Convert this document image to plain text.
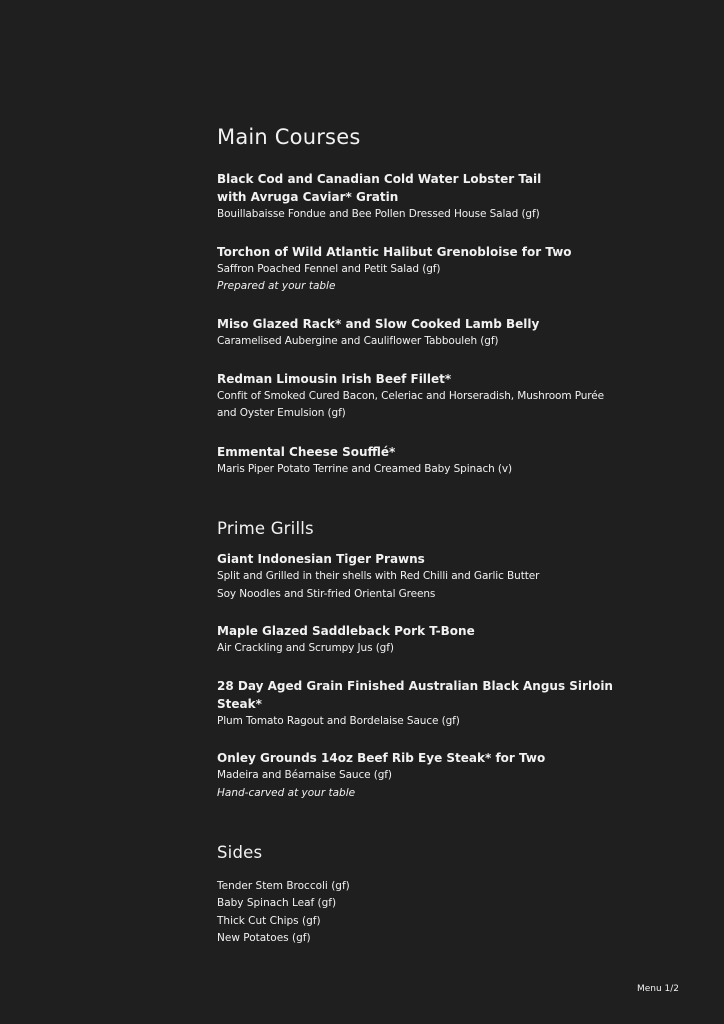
Main Courses
Black Cod and Canadian Cold Water Lobster Tail
with Avruga Caviar* Gratin
Bouillabaisse Fondue and Bee Pollen Dressed House Salad (gf)
Torchon of Wild Atlantic Halibut Grenobloise for Two
Saffron Poached Fennel and Petit Salad (gf)
Prepared at your table
Miso Glazed Rack* and Slow Cooked Lamb Belly
Caramelised Aubergine and Cauliflower Tabbouleh (gf)
Redman Limousin Irish Beef Fillet*
Confit of Smoked Cured Bacon, Celeriac and Horseradish, Mushroom Purée
and Oyster Emulsion (gf)
Emmental Cheese Soufflé*
Maris Piper Potato Terrine and Creamed Baby Spinach (v)
Prime Grills
Giant Indonesian Tiger Prawns
Split and Grilled in their shells with Red Chilli and Garlic Butter
Soy Noodles and Stir-fried Oriental Greens
Maple Glazed Saddleback Pork T-Bone
Air Crackling and Scrumpy Jus (gf)
28 Day Aged Grain Finished Australian Black Angus Sirloin Steak*
Plum Tomato Ragout and Bordelaise Sauce (gf)
Onley Grounds 14oz Beef Rib Eye Steak* for Two
Madeira and Béarnaise Sauce (gf)
Hand-carved at your table
Sides
Tender Stem Broccoli (gf)
Baby Spinach Leaf (gf)
Thick Cut Chips (gf)
New Potatoes (gf)
Menu 1/2
